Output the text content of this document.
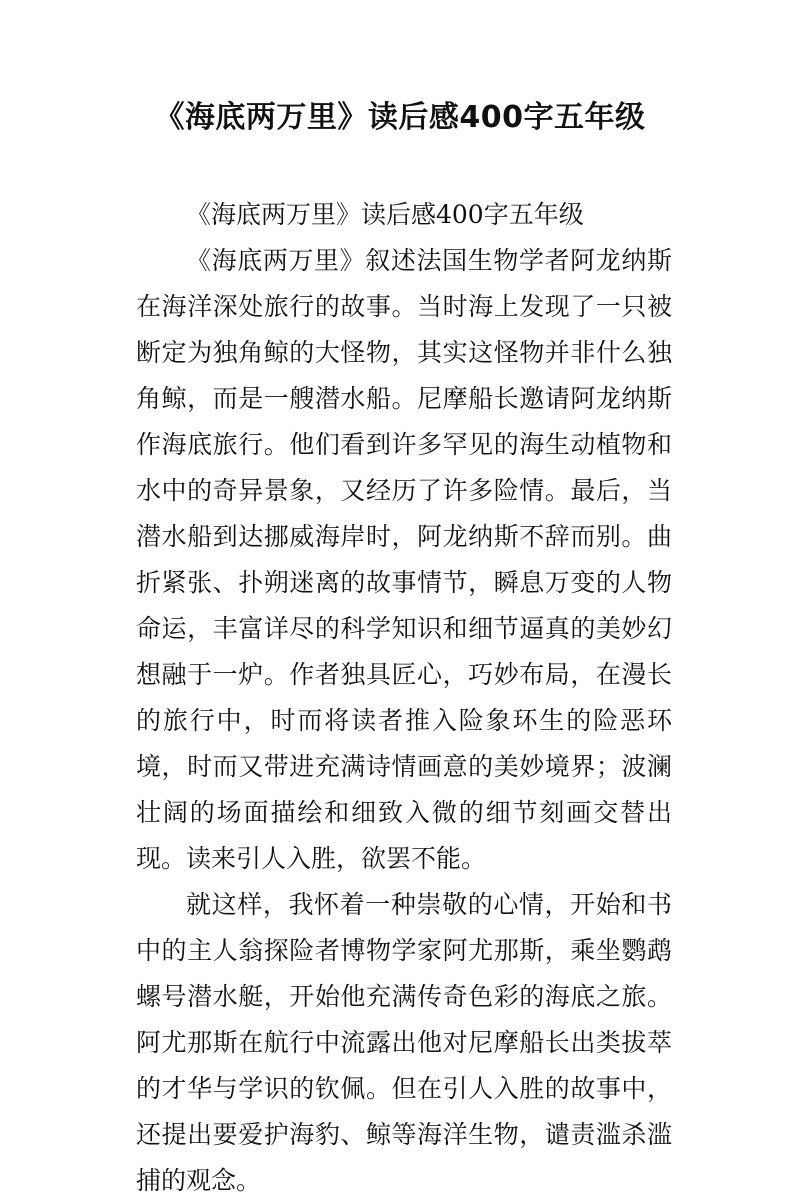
《海底两万里》读后感400字五年级

《海底两万里》读后感400字五年级

《海底两万里》叙述法国生物学者阿龙纳斯在海洋深处旅行的故事。当时海上发现了一只被断定为独角鲸的大怪物，其实这怪物并非什么独角鲸，而是一艘潜水船。尼摩船长邀请阿龙纳斯作海底旅行。他们看到许多罕见的海生动植物和水中的奇异景象，又经历了许多险情。最后，当潜水船到达挪威海岸时，阿龙纳斯不辞而别。曲折紧张、扑朔迷离的故事情节，瞬息万变的人物命运，丰富详尽的科学知识和细节逼真的美妙幻想融于一炉。作者独具匠心，巧妙布局，在漫长的旅行中，时而将读者推入险象环生的险恶环境，时而又带进充满诗情画意的美妙境界；波澜壮阔的场面描绘和细致入微的细节刻画交替出现。读来引人入胜，欲罢不能。

就这样，我怀着一种崇敬的心情，开始和书中的主人翁探险者博物学家阿尤那斯，乘坐鹦鹉螺号潜水艇，开始他充满传奇色彩的海底之旅。阿尤那斯在航行中流露出他对尼摩船长出类拔萃的才华与学识的钦佩。但在引人入胜的故事中，还提出要爱护海豹、鲸等海洋生物，谴责滥杀滥捕的观念。
